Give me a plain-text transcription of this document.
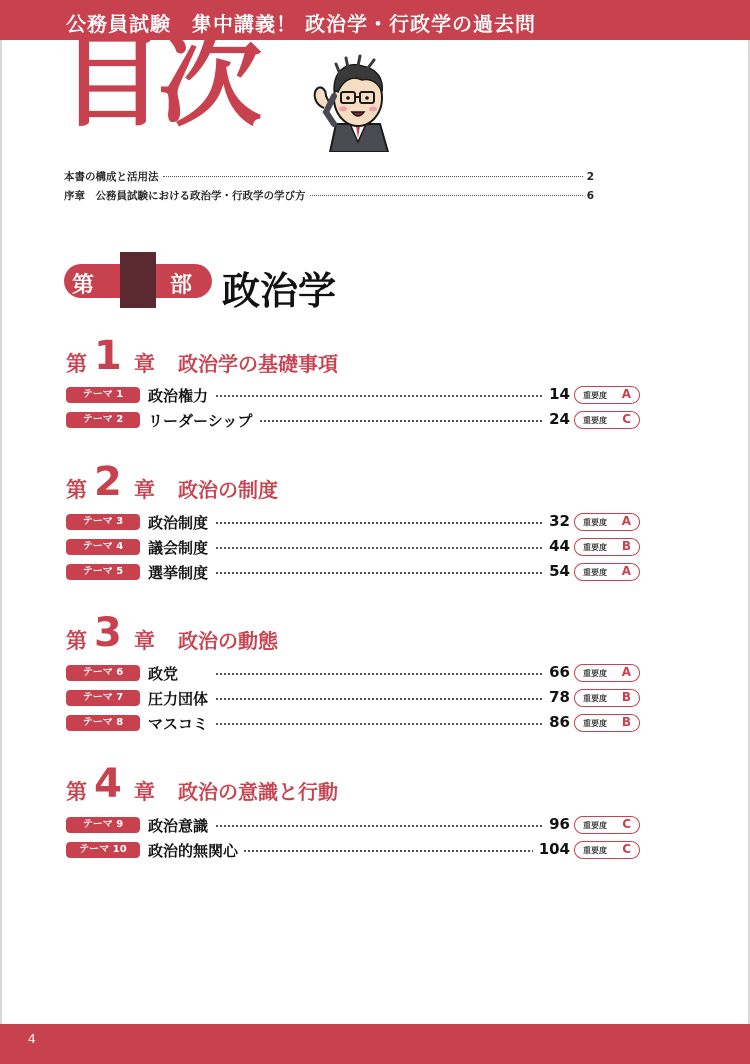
公務員試験　集中講義！ 政治学・行政学の過去問
目次
本書の構成と活用法	2
序章　公務員試験における政治学・行政学の学び方	6
第 1 部 政治学
第 1 章 政治学の基礎事項
テーマ 1	政治権力	14 重要度 A
テーマ 2	リーダーシップ	24 重要度 C
第 2 章 政治の制度
テーマ 3	政治制度	32 重要度 A
テーマ 4	議会制度	44 重要度 B
テーマ 5	選挙制度	54 重要度 A
第 3 章 政治の動態
テーマ 6	政党	66 重要度 A
テーマ 7	圧力団体	78 重要度 B
テーマ 8	マスコミ	86 重要度 B
第 4 章 政治の意識と行動
テーマ 9	政治意識	96 重要度 C
テーマ 10	政治的無関心	104 重要度 C
4
